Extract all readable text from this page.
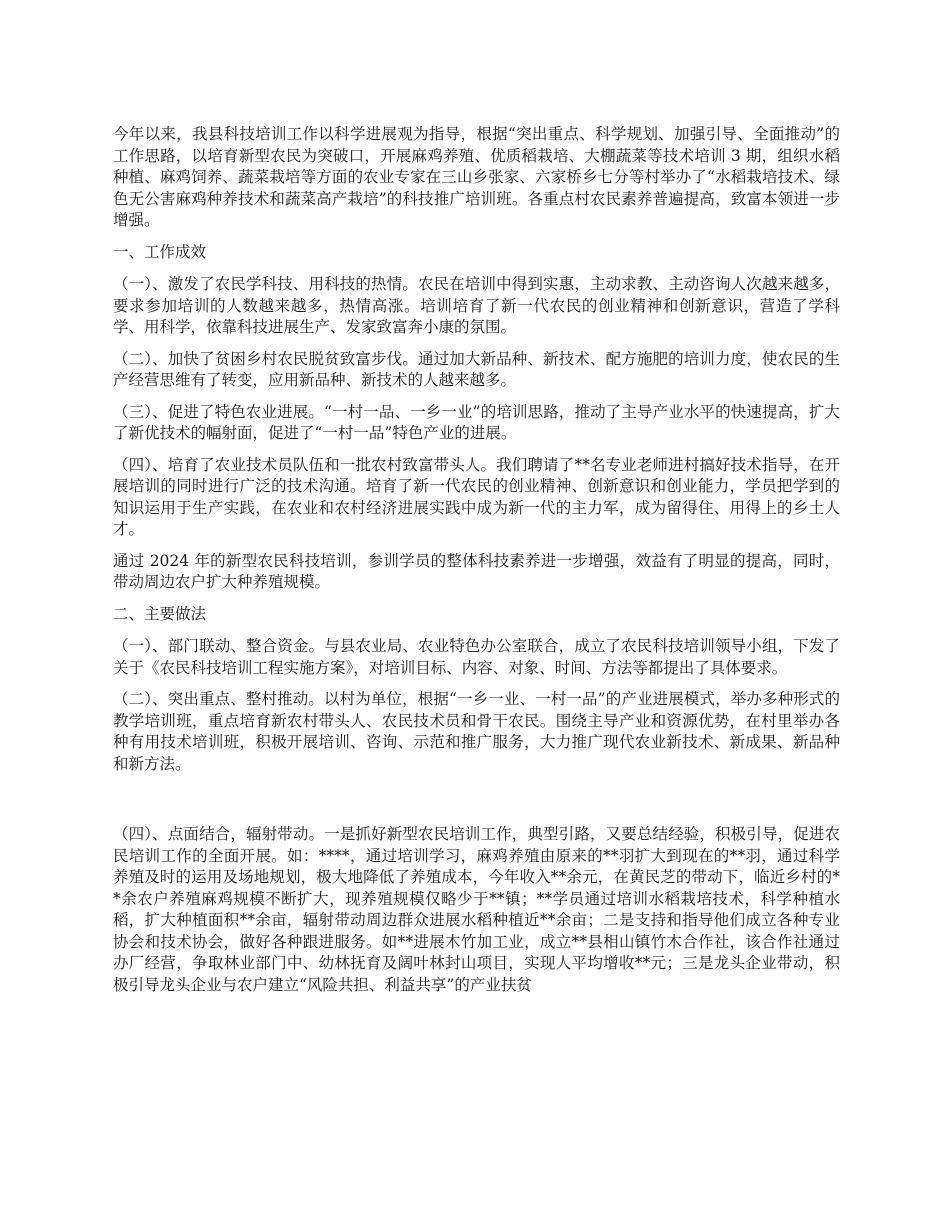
今年以来，我县科技培训工作以科学进展观为指导，根据“突出重点、科学规划、加强引导、全面推动”的工作思路，以培育新型农民为突破口，开展麻鸡养殖、优质稻栽培、大棚蔬菜等技术培训 3 期，组织水稻种植、麻鸡饲养、蔬菜栽培等方面的农业专家在三山乡张家、六家桥乡七分等村举办了“水稻栽培技术、绿色无公害麻鸡种养技术和蔬菜高产栽培”的科技推广培训班。各重点村农民素养普遍提高，致富本领进一步增强。

一、工作成效

（一）、激发了农民学科技、用科技的热情。农民在培训中得到实惠，主动求教、主动咨询人次越来越多，要求参加培训的人数越来越多，热情高涨。培训培育了新一代农民的创业精神和创新意识，营造了学科学、用科学，依靠科技进展生产、发家致富奔小康的氛围。

（二）、加快了贫困乡村农民脱贫致富步伐。通过加大新品种、新技术、配方施肥的培训力度，使农民的生产经营思维有了转变，应用新品种、新技术的人越来越多。

（三）、促进了特色农业进展。“一村一品、一乡一业”的培训思路，推动了主导产业水平的快速提高，扩大了新优技术的幅射面，促进了“一村一品”特色产业的进展。

（四）、培育了农业技术员队伍和一批农村致富带头人。我们聘请了**名专业老师进村搞好技术指导，在开展培训的同时进行广泛的技术沟通。培育了新一代农民的创业精神、创新意识和创业能力，学员把学到的知识运用于生产实践，在农业和农村经济进展实践中成为新一代的主力军，成为留得住、用得上的乡土人才。

通过 2024 年的新型农民科技培训，参训学员的整体科技素养进一步增强，效益有了明显的提高，同时，带动周边农户扩大种养殖规模。

二、主要做法

（一）、部门联动、整合资金。与县农业局、农业特色办公室联合，成立了农民科技培训领导小组，下发了关于《农民科技培训工程实施方案》，对培训目标、内容、对象、时间、方法等都提出了具体要求。

（二）、突出重点、整村推动。以村为单位，根据“一乡一业、一村一品”的产业进展模式，举办多种形式的教学培训班，重点培育新农村带头人、农民技术员和骨干农民。围绕主导产业和资源优势，在村里举办各种有用技术培训班，积极开展培训、咨询、示范和推广服务，大力推广现代农业新技术、新成果、新品种和新方法。

（四）、点面结合，辐射带动。一是抓好新型农民培训工作，典型引路，又要总结经验，积极引导，促进农民培训工作的全面开展。如：****，通过培训学习，麻鸡养殖由原来的**羽扩大到现在的**羽，通过科学养殖及时的运用及场地规划，极大地降低了养殖成本，今年收入**余元，在黄民芝的带动下，临近乡村的**余农户养殖麻鸡规模不断扩大，现养殖规模仅略少于**镇；**学员通过培训水稻栽培技术，科学种植水稻，扩大种植面积**余亩，辐射带动周边群众进展水稻种植近**余亩；二是支持和指导他们成立各种专业协会和技术协会，做好各种跟进服务。如**进展木竹加工业，成立**县相山镇竹木合作社，该合作社通过办厂经营，争取林业部门中、幼林抚育及阔叶林封山项目，实现人平均增收**元；三是龙头企业带动，积极引导龙头企业与农户建立“风险共担、利益共享”的产业扶贫
